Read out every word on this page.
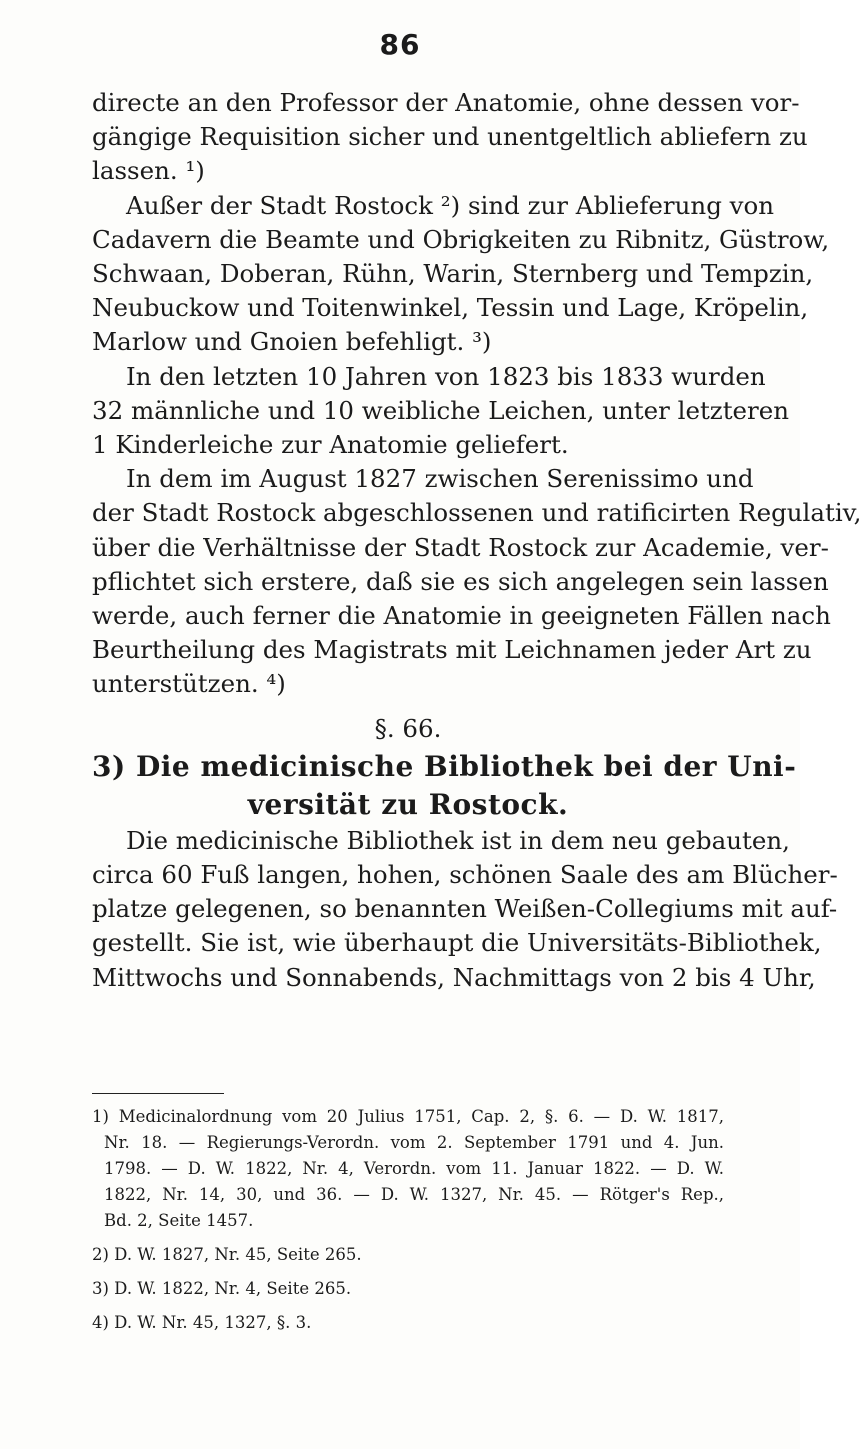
86
directe an den Professor der Anatomie, ohne dessen vor-
gängige Requisition sicher und unentgeltlich abliefern zu
lassen. ¹)
Außer der Stadt Rostock ²) sind zur Ablieferung von
Cadavern die Beamte und Obrigkeiten zu Ribnitz, Güstrow,
Schwaan, Doberan, Rühn, Warin, Sternberg und Tempzin,
Neubuckow und Toitenwinkel, Tessin und Lage, Kröpelin,
Marlow und Gnoien befehligt. ³)
In den letzten 10 Jahren von 1823 bis 1833 wurden
32 männliche und 10 weibliche Leichen, unter letzteren
1 Kinderleiche zur Anatomie geliefert.
In dem im August 1827 zwischen Serenissimo und
der Stadt Rostock abgeschlossenen und ratificirten Regulativ,
über die Verhältnisse der Stadt Rostock zur Academie, ver-
pflichtet sich erstere, daß sie es sich angelegen sein lassen
werde, auch ferner die Anatomie in geeigneten Fällen nach
Beurtheilung des Magistrats mit Leichnamen jeder Art zu
unterstützen. ⁴)
§. 66.
3) Die medicinische Bibliothek bei der Uni-
versität zu Rostock.
Die medicinische Bibliothek ist in dem neu gebauten,
circa 60 Fuß langen, hohen, schönen Saale des am Blücher-
platze gelegenen, so benannten Weißen-Collegiums mit auf-
gestellt. Sie ist, wie überhaupt die Universitäts-Bibliothek,
Mittwochs und Sonnabends, Nachmittags von 2 bis 4 Uhr,
1) Medicinalordnung vom 20 Julius 1751, Cap. 2, §. 6. — D. W. 1817,
Nr. 18. — Regierungs-Verordn. vom 2. September 1791 und 4. Jun.
1798. — D. W. 1822, Nr. 4, Verordn. vom 11. Januar 1822. — D. W.
1822, Nr. 14, 30, und 36. — D. W. 1327, Nr. 45. — Rötger's Rep.,
Bd. 2, Seite 1457.
2) D. W. 1827, Nr. 45, Seite 265.
3) D. W. 1822, Nr. 4, Seite 265.
4) D. W. Nr. 45, 1327, §. 3.
